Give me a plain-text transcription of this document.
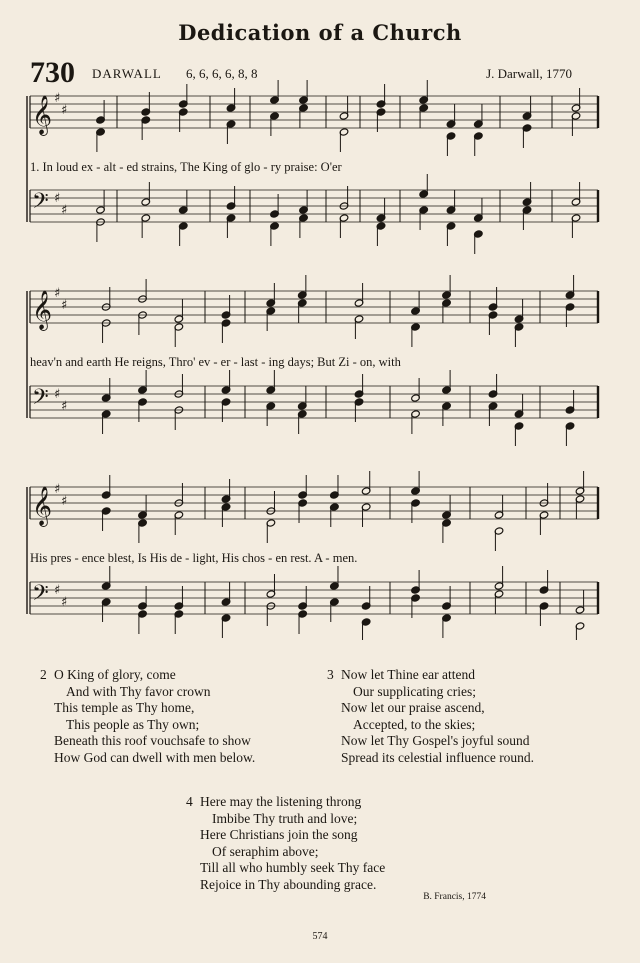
Dedication of a Church
730 DARWALL 6, 6, 6, 6, 8, 8	J. Darwall, 1770
𝄞 ♯
♯
𝄢 ♯
♯
𝄞 ♯
♯
𝄢 ♯
♯
𝄞 ♯
♯
𝄢 ♯
♯
1. In loud ex - alt - ed strains, The King of glo - ry praise: O'er
heav'n and earth He reigns, Thro' ev - er - last - ing days; But Zi - on, with
His pres - ence blest, Is His de - light, His chos - en rest. A - men.
2 O King of glory, come
And with Thy favor crown
This temple as Thy home,
This people as Thy own;
Beneath this roof vouchsafe to show
How God can dwell with men below.
3 Now let Thine ear attend
Our supplicating cries;
Now let our praise ascend,
Accepted, to the skies;
Now let Thy Gospel's joyful sound
Spread its celestial influence round.
4 Here may the listening throng
Imbibe Thy truth and love;
Here Christians join the song
Of seraphim above;
Till all who humbly seek Thy face
Rejoice in Thy abounding grace.
B. Francis, 1774
574
